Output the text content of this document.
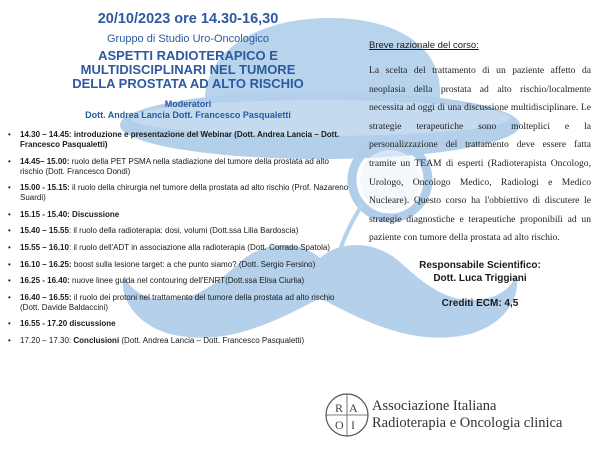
20/10/2023 ore 14.30-16,30
Gruppo di Studio Uro-Oncologico
ASPETTI RADIOTERAPICO E
MULTIDISCIPLINARI NEL TUMORE
DELLA PROSTATA AD ALTO RISCHIO
Moderatori
Dott. Andrea Lancia Dott. Francesco Pasqualetti
• 14.30 – 14.45: introduzione e presentazione del Webinar (Dott. Andrea Lancia – Dott. Francesco Pasqualetti)
• 14.45– 15.00: ruolo della PET PSMA nella stadiazione del tumore della prostata ad alto rischio (Dott. Francesco Dondi)
• 15.00 - 15.15: il ruolo della chirurgia nel tumore della prostata ad alto rischio (Prof. Nazareno Suardi)
• 15.15 - 15.40: Discussione
• 15.40 – 15.55: il ruolo della radioterapia: dosi, volumi (Dott.ssa Lilia Bardoscia)
• 15.55 – 16.10: il ruolo dell'ADT in associazione alla radioterapia (Dott. Corrado Spatola)
• 16.10 – 16.25: boost sulla lesione target: a che punto siamo? (Dott. Sergio Fersino)
• 16.25 - 16.40: nuove linee guida nel contouring dell'ENRT(Dott.ssa Elisa Ciurlia)
• 16.40 – 16.55: il ruolo dei protoni nel trattamento del tumore della prostata ad alto rischio (Dott. Davide Baldaccini)
• 16.55 - 17.20 discussione
• 17.20 – 17.30: Conclusioni (Dott. Andrea Lancia – Dott. Francesco Pasqualetti)
Breve razionale del corso:
La scelta del trattamento di un paziente affetto da neoplasia della prostata ad alto rischio/localmente necessita ad oggi di una discussione multidisciplinare. Le strategie terapeutiche sono molteplici e la personalizzazione del trattamento deve essere fatta tramite un TEAM di esperti (Radioterapista Oncologo, Urologo, Oncologo Medico, Radiologi e Medico Nucleare). Questo corso ha l'obbiettivo di discutere le strategie diagnostiche e terapeutiche proponibili ad un paziente con tumore della prostata ad alto rischio.
Responsabile Scientifico:
Dott. Luca Triggiani
Crediti ECM: 4,5
R A
O I
Associazione Italiana
Radioterapia e Oncologia clinica
